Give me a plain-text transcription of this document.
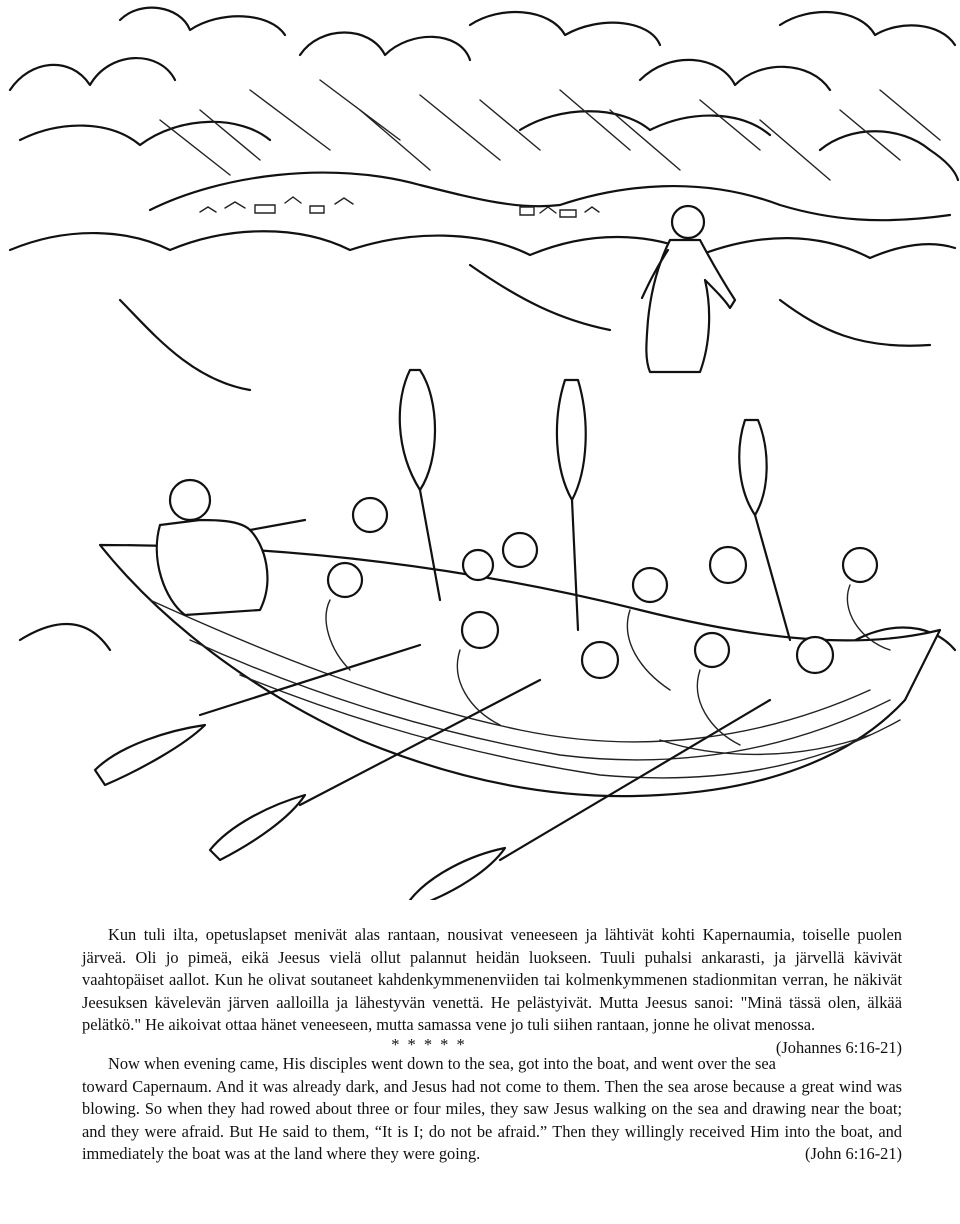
Kun tuli ilta, opetuslapset menivät alas rantaan, nousivat veneeseen ja lähtivät kohti Kapernaumia, toiselle puolen järveä. Oli jo pimeä, eikä Jeesus vielä ollut palannut heidän luokseen. Tuuli puhalsi ankarasti, ja järvellä kävivät vaahtopäiset aallot. Kun he olivat soutaneet kahdenkymmenenviiden tai kolmenkymmenen stadionmitan verran, he näkivät Jeesuksen kävelevän järven aalloilla ja lähestyvän venettä. He pelästyivät. Mutta Jeesus sanoi: "Minä tässä olen, älkää pelätkö." He aikoivat ottaa hänet veneeseen, mutta samassa vene jo tuli siihen rantaan, jonne he olivat menossa.
(Johannes 6:16-21)

* * * * *

Now when evening came, His disciples went down to the sea, got into the boat, and went over the sea toward Capernaum. And it was already dark, and Jesus had not come to them. Then the sea arose because a great wind was blowing. So when they had rowed about three or four miles, they saw Jesus walking on the sea and drawing near the boat; and they were afraid. But He said to them, “It is I; do not be afraid.” Then they willingly received Him into the boat, and immediately the boat was at the land where they were going.	(John 6:16-21)
